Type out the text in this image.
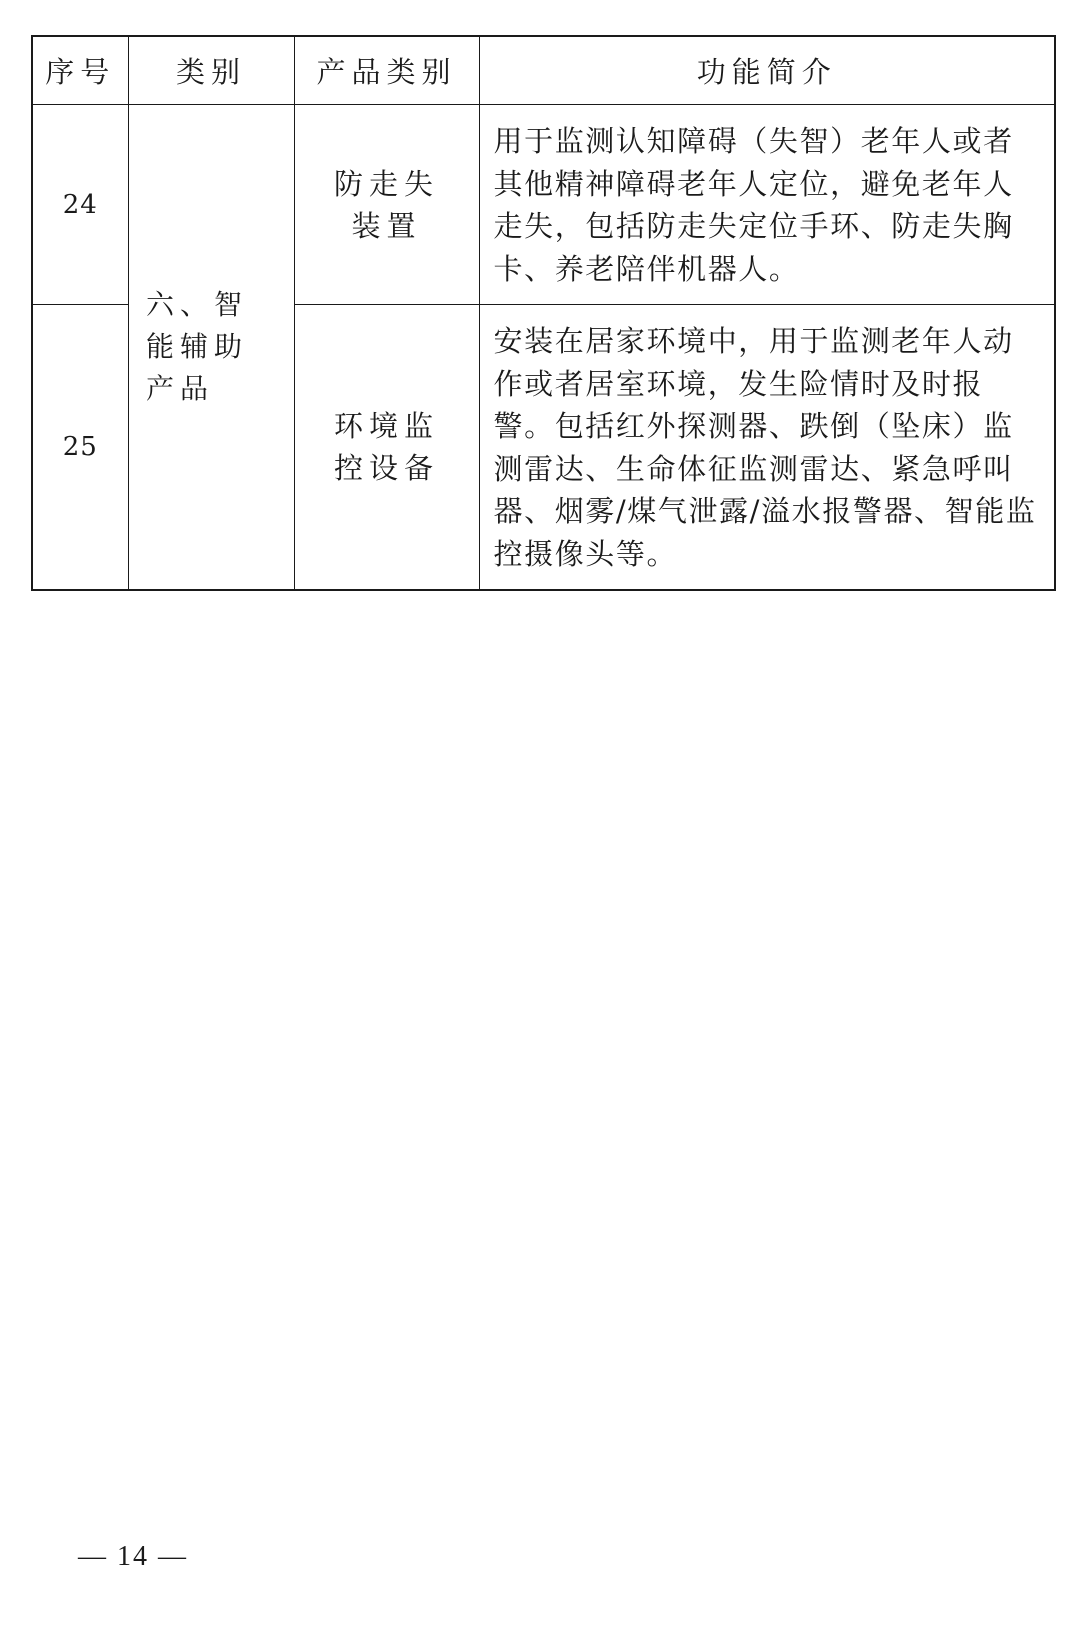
序号	类别	产品类别	功能简介
24	六、智能辅助产品	防走失装置	用于监测认知障碍（失智）老年人或者其他精神障碍老年人定位，避免老年人走失，包括防走失定位手环、防走失胸卡、养老陪伴机器人。
25		环境监控设备	安装在居家环境中，用于监测老年人动作或者居室环境，发生险情时及时报警。包括红外探测器、跌倒（坠床）监测雷达、生命体征监测雷达、紧急呼叫器、烟雾/煤气泄露/溢水报警器、智能监控摄像头等。
— 14 —
